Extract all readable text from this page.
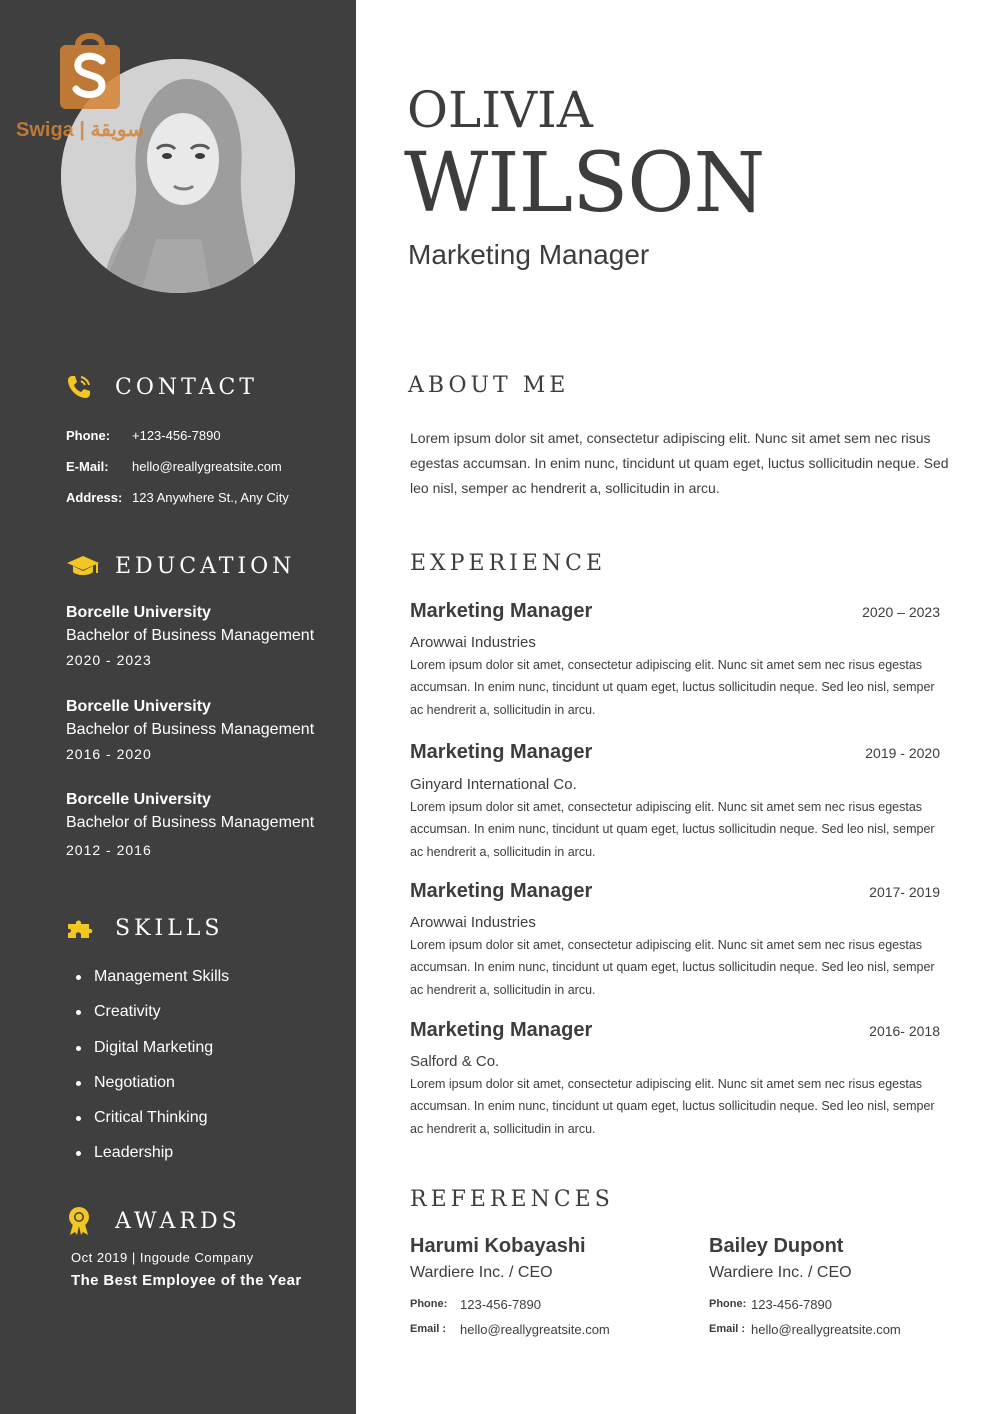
Swiga | سويقة
CONTACT
Phone:	+123-456-7890
E-Mail:	hello@reallygreatsite.com
Address: 123 Anywhere St., Any City
EDUCATION
Borcelle University
Bachelor of Business Management
2020 - 2023
Borcelle University
Bachelor of Business Management
2016 - 2020
Borcelle University
Bachelor of Business Management
2012 - 2016
SKILLS
Management Skills
Creativity
Digital Marketing
Negotiation
Critical Thinking
Leadership
AWARDS
Oct 2019 | Ingoude Company
The Best Employee of the Year
OLIVIA
WILSON
Marketing Manager
ABOUT ME
Lorem ipsum dolor sit amet, consectetur adipiscing elit. Nunc sit amet sem nec risus egestas accumsan. In enim nunc, tincidunt ut quam eget, luctus sollicitudin neque. Sed leo nisl, semper ac hendrerit a, sollicitudin in arcu.
EXPERIENCE
Marketing Manager	2020 – 2023
Arowwai Industries
Lorem ipsum dolor sit amet, consectetur adipiscing elit. Nunc sit amet sem nec risus egestas accumsan. In enim nunc, tincidunt ut quam eget, luctus sollicitudin neque. Sed leo nisl, semper ac hendrerit a, sollicitudin in arcu.
Marketing Manager	2019 - 2020
Ginyard International Co.
Lorem ipsum dolor sit amet, consectetur adipiscing elit. Nunc sit amet sem nec risus egestas accumsan. In enim nunc, tincidunt ut quam eget, luctus sollicitudin neque. Sed leo nisl, semper ac hendrerit a, sollicitudin in arcu.
Marketing Manager	2017- 2019
Arowwai Industries
Lorem ipsum dolor sit amet, consectetur adipiscing elit. Nunc sit amet sem nec risus egestas accumsan. In enim nunc, tincidunt ut quam eget, luctus sollicitudin neque. Sed leo nisl, semper ac hendrerit a, sollicitudin in arcu.
Marketing Manager	2016- 2018
Salford & Co.
Lorem ipsum dolor sit amet, consectetur adipiscing elit. Nunc sit amet sem nec risus egestas accumsan. In enim nunc, tincidunt ut quam eget, luctus sollicitudin neque. Sed leo nisl, semper ac hendrerit a, sollicitudin in arcu.
REFERENCES
Harumi Kobayashi
Wardiere Inc. / CEO
Phone: 123-456-7890
Email :	hello@reallygreatsite.com
Bailey Dupont
Wardiere Inc. / CEO
Phone: 123-456-7890
Email : hello@reallygreatsite.com
